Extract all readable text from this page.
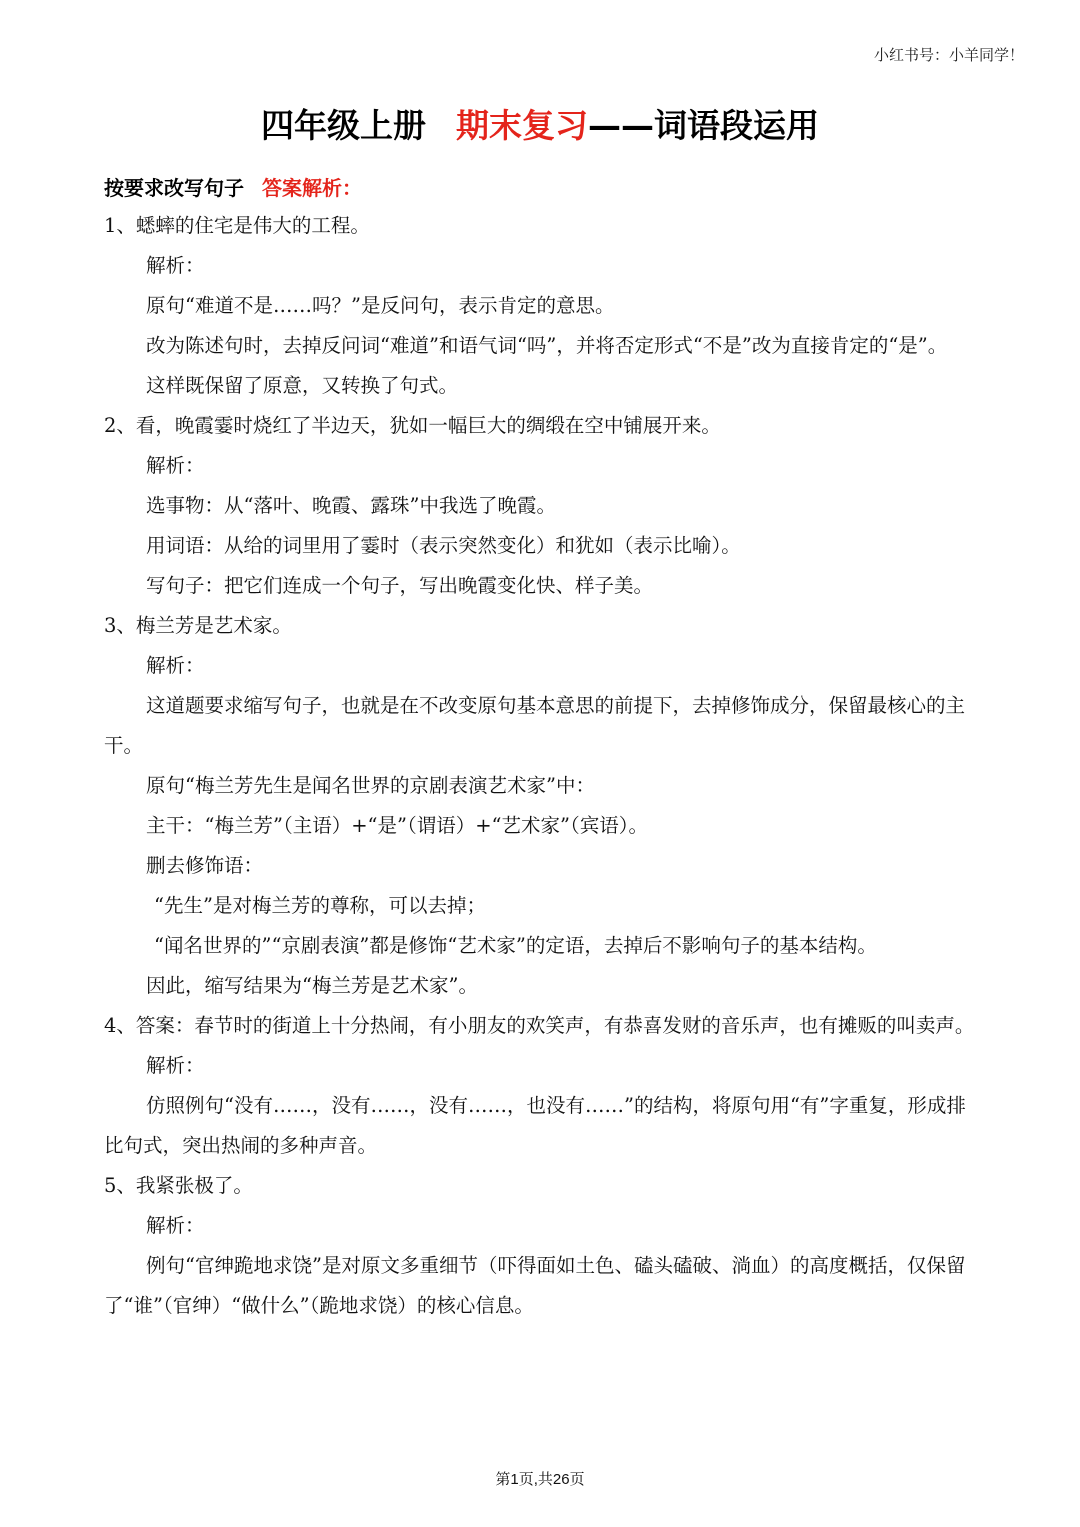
小红书号：小羊同学！
四年级上册 期末复习——词语段运用
按要求改写句子 答案解析：

1、蟋蟀的住宅是伟大的工程。

解析：

原句“难道不是……吗？”是反问句，表示肯定的意思。

改为陈述句时，去掉反问词“难道”和语气词“吗”，并将否定形式“不是”改为直接肯定的“是”。

这样既保留了原意，又转换了句式。

2、看，晚霞霎时烧红了半边天，犹如一幅巨大的绸缎在空中铺展开来。

解析：

选事物：从“落叶、晚霞、露珠”中我选了晚霞。

用词语：从给的词里用了霎时（表示突然变化）和犹如（表示比喻）。

写句子：把它们连成一个句子，写出晚霞变化快、样子美。

3、梅兰芳是艺术家。

解析：

这道题要求缩写句子，也就是在不改变原句基本意思的前提下，去掉修饰成分，保留最核心的主干。

原句“梅兰芳先生是闻名世界的京剧表演艺术家”中：

主干：“梅兰芳”（主语）+“是”（谓语）+“艺术家”（宾语）。

删去修饰语：

“先生”是对梅兰芳的尊称，可以去掉；

“闻名世界的”“京剧表演”都是修饰“艺术家”的定语，去掉后不影响句子的基本结构。

因此，缩写结果为“梅兰芳是艺术家”。

4、答案：春节时的街道上十分热闹，有小朋友的欢笑声，有恭喜发财的音乐声，也有摊贩的叫卖声。

解析：

仿照例句“没有……，没有……，没有……，也没有……”的结构，将原句用“有”字重复，形成排比句式，突出热闹的多种声音。

5、我紧张极了。

解析：

例句“官绅跪地求饶”是对原文多重细节（吓得面如土色、磕头磕破、淌血）的高度概括，仅保留了“谁”（官绅）“做什么”（跪地求饶）的核心信息。

第1页,共26页
